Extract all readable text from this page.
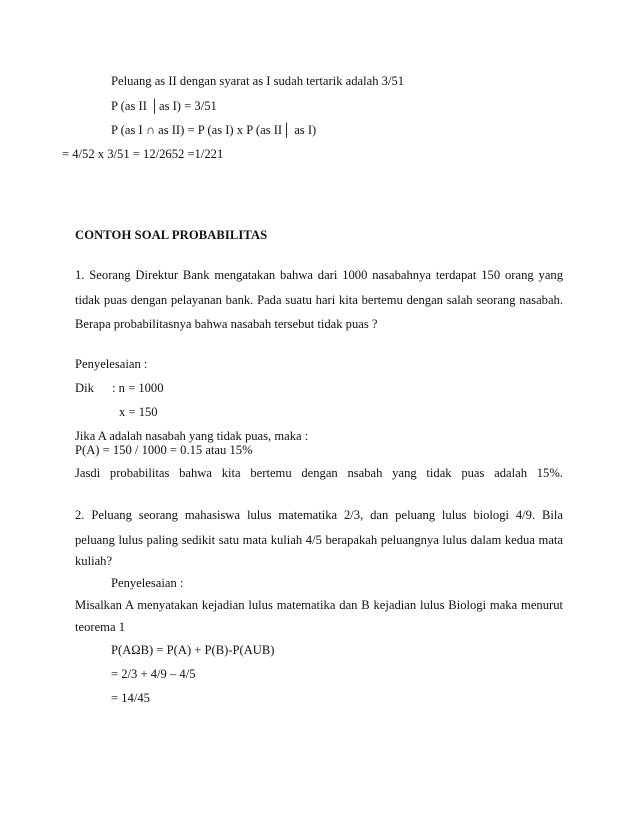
Peluang as II dengan syarat as I sudah tertarik adalah 3/51
P (as II │as I) = 3/51
P (as I ∩ as II) = P (as I) x P (as II│ as I)
= 4/52 x 3/51 = 12/2652 =1/221
CONTOH SOAL PROBABILITAS
1. Seorang Direktur Bank mengatakan bahwa dari 1000 nasabahnya terdapat 150 orang yang
tidak puas dengan pelayanan bank. Pada suatu hari kita bertemu dengan salah seorang nasabah.
Berapa probabilitasnya bahwa nasabah tersebut tidak puas ?
Penyelesaian :
Dik : n = 1000
x = 150
Jika A adalah nasabah yang tidak puas, maka :
P(A) = 150 / 1000 = 0.15 atau 15%
Jasdi probabilitas bahwa kita bertemu dengan nsabah yang tidak puas adalah 15%.
2. Peluang seorang mahasiswa lulus matematika 2/3, dan peluang lulus biologi 4/9. Bila
peluang lulus paling sedikit satu mata kuliah 4/5 berapakah peluangnya lulus dalam kedua mata
kuliah?
Penyelesaian :
Misalkan A menyatakan kejadian lulus matematika dan B kejadian lulus Biologi maka menurut
teorema 1
P(AΩB) = P(A) + P(B)-P(AUB)
= 2/3 + 4/9 – 4/5
= 14/45
